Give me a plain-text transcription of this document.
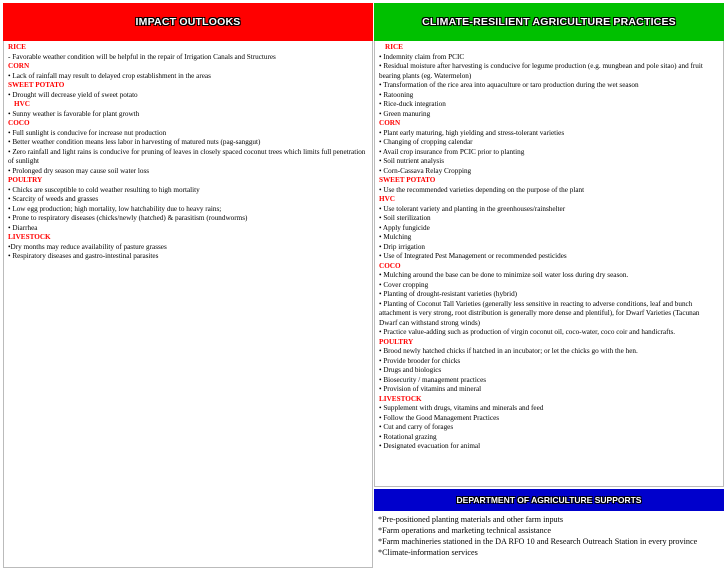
IMPACT OUTLOOKS
RICE
- Favorable weather condition will be helpful in the repair of Irrigation Canals and Structures
CORN
• Lack of rainfall may result to delayed crop establishment in the areas
SWEET POTATO
• Drought will decrease yield of sweet potato
HVC
• Sunny weather is favorable for plant growth
COCO
• Full sunlight is conducive for increase nut production
• Better weather condition means less labor in harvesting of matured nuts (pag-sanggut)
• Zero rainfall and light rains is conducive for pruning of leaves in closely spaced coconut trees which limits full penetration of sunlight
• Prolonged dry season may cause soil water loss
POULTRY
• Chicks are susceptible to cold weather resulting to high mortality
• Scarcity of weeds and grasses
• Low egg production; high mortality, low hatchability due to heavy rains;
• Prone to respiratory diseases (chicks/newly (hatched) & parasitism (roundworms)
• Diarrhea
LIVESTOCK
•Dry months may reduce availability of pasture grasses
• Respiratory diseases and gastro-intestinal parasites
CLIMATE-RESILIENT AGRICULTURE PRACTICES
RICE
• Indemnity claim from PCIC
• Residual moisture after harvesting is conducive for legume production (e.g. mungbean and pole sitao) and fruit bearing plants (eg. Watermelon)
• Transformation of the rice area into aquaculture or taro production during the wet season
• Ratooning
• Rice-duck integration
• Green manuring
CORN
• Plant early maturing, high yielding and stress-tolerant varieties
• Changing of cropping calendar
• Avail crop insurance from PCIC prior to planting
• Soil nutrient analysis
• Corn-Cassava Relay Cropping
SWEET POTATO
• Use the recommended varieties depending on the purpose of the plant
HVC
• Use tolerant variety and planting in the greenhouses/rainshelter
• Soil sterilization
• Apply fungicide
• Mulching
• Drip irrigation
• Use of Integrated Pest Management or recommended pesticides
COCO
• Mulching around the base can be done to minimize soil water loss during dry season.
• Cover cropping
• Planting of drought-resistant varieties (hybrid)
• Planting of Coconut Tall Varieties (generally less sensitive in reacting to adverse conditions, leaf and bunch attachment is very strong, root distribution is generally more dense and plentiful), for Dwarf Varieties (Tacunan Dwarf can withstand strong winds)
• Practice value-adding such as production of virgin coconut oil, coco-water, coco coir and handicrafts.
POULTRY
• Brood newly hatched chicks if hatched in an incubator; or let the chicks go with the hen.
• Provide brooder for chicks
• Drugs and biologics
• Biosecurity / management practices
• Provision of vitamins and mineral
LIVESTOCK
• Supplement with drugs, vitamins and minerals and feed
• Follow the Good Management Practices
• Cut and carry of forages
• Rotational grazing
• Designated evacuation for animal
DEPARTMENT OF AGRICULTURE SUPPORTS
*Pre-positioned planting materials and other farm inputs
*Farm operations and marketing technical assistance
*Farm machineries stationed in the DA RFO 10 and Research Outreach Station in every province
*Climate-information services
